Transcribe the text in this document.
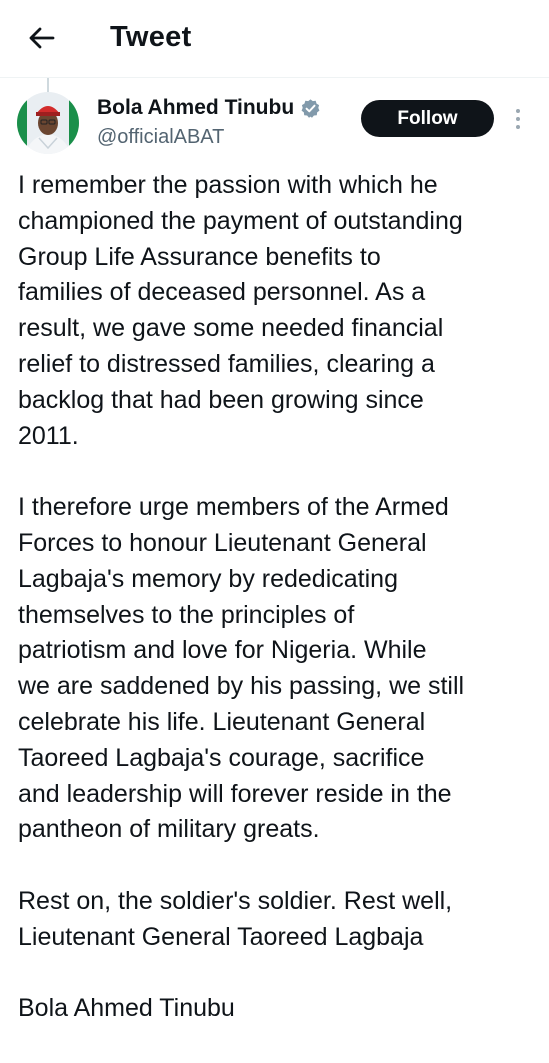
Tweet
Bola Ahmed Tinubu
@officialABAT
Follow

I remember the passion with which he
championed the payment of outstanding
Group Life Assurance benefits to
families of deceased personnel. As a
result, we gave some needed financial
relief to distressed families, clearing a
backlog that had been growing since
2011.

I therefore urge members of the Armed
Forces to honour Lieutenant General
Lagbaja's memory by rededicating
themselves to the principles of
patriotism and love for Nigeria. While
we are saddened by his passing, we still
celebrate his life. Lieutenant General
Taoreed Lagbaja's courage, sacrifice
and leadership will forever reside in the
pantheon of military greats.

Rest on, the soldier's soldier. Rest well,
Lieutenant General Taoreed Lagbaja

Bola Ahmed Tinubu
